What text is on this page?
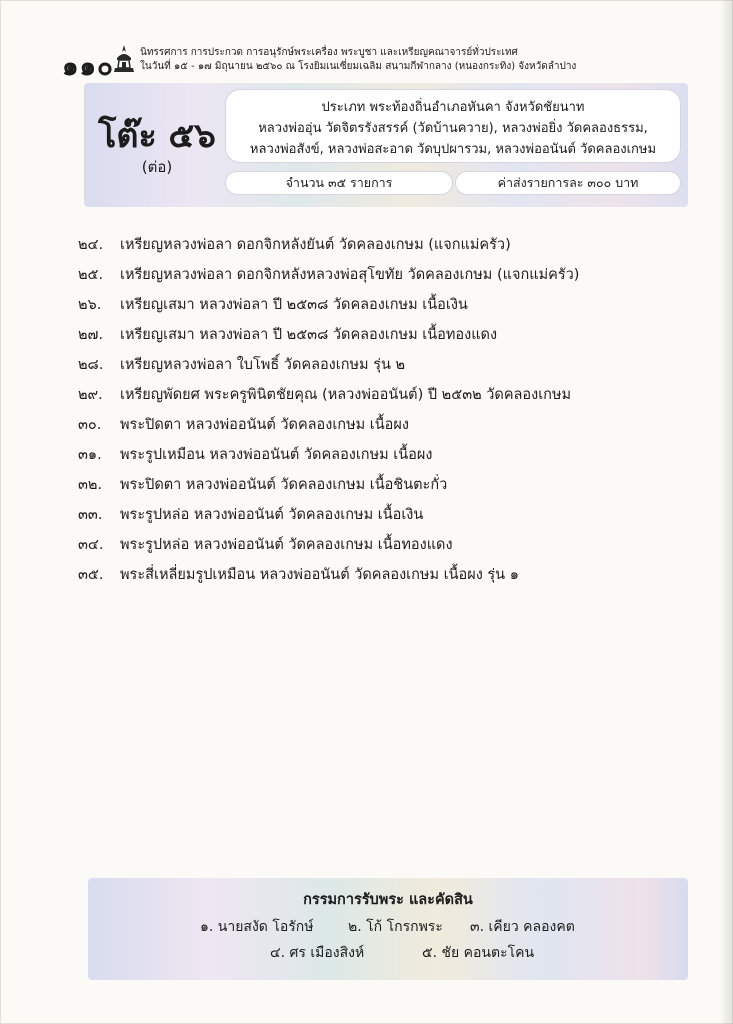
๑๑๐	นิทรรศการ การประกวด การอนุรักษ์พระเครื่อง พระบูชา และเหรียญคณาจารย์ทั่วประเทศ
ในวันที่ ๑๕ - ๑๗ มิถุนายน ๒๕๖๐ ณ โรงยิมเนเซี่ยมเฉลิม สนามกีฬากลาง (หนองกระทิง) จังหวัดลำปาง
โต๊ะ ๕๖
(ต่อ)
ประเภท พระท้องถิ่นอำเภอหันคา จังหวัดชัยนาท
หลวงพ่ออุ่น วัดจิตรรังสรรค์ (วัดบ้านควาย), หลวงพ่อยิ่ง วัดคลองธรรม,
หลวงพ่อสังข์, หลวงพ่อสะอาด วัดบุปผารวม, หลวงพ่ออนันต์ วัดคลองเกษม
จำนวน ๓๕ รายการ	ค่าส่งรายการละ ๓๐๐ บาท
๒๔. เหรียญหลวงพ่อลา ดอกจิกหลังยันต์ วัดคลองเกษม (แจกแม่ครัว)
๒๕. เหรียญหลวงพ่อลา ดอกจิกหลังหลวงพ่อสุโขทัย วัดคลองเกษม (แจกแม่ครัว)
๒๖. เหรียญเสมา หลวงพ่อลา ปี ๒๕๓๘ วัดคลองเกษม เนื้อเงิน
๒๗. เหรียญเสมา หลวงพ่อลา ปี ๒๕๓๘ วัดคลองเกษม เนื้อทองแดง
๒๘. เหรียญหลวงพ่อลา ใบโพธิ์ วัดคลองเกษม รุ่น ๒
๒๙. เหรียญพัดยศ พระครูพินิตชัยคุณ (หลวงพ่ออนันต์) ปี ๒๕๓๒ วัดคลองเกษม
๓๐. พระปิดตา หลวงพ่ออนันต์ วัดคลองเกษม เนื้อผง
๓๑. พระรูปเหมือน หลวงพ่ออนันต์ วัดคลองเกษม เนื้อผง
๓๒. พระปิดตา หลวงพ่ออนันต์ วัดคลองเกษม เนื้อชินตะกั่ว
๓๓. พระรูปหล่อ หลวงพ่ออนันต์ วัดคลองเกษม เนื้อเงิน
๓๔. พระรูปหล่อ หลวงพ่ออนันต์ วัดคลองเกษม เนื้อทองแดง
๓๕. พระสี่เหลี่ยมรูปเหมือน หลวงพ่ออนันต์ วัดคลองเกษม เนื้อผง รุ่น ๑
กรรมการรับพระ และคัดสิน
๑. นายสงัด โอรักษ์ ๒. โก้ โกรกพระ ๓. เคียว คลองคต
๔. ศร เมืองสิงห์	๕. ชัย คอนตะโคน
